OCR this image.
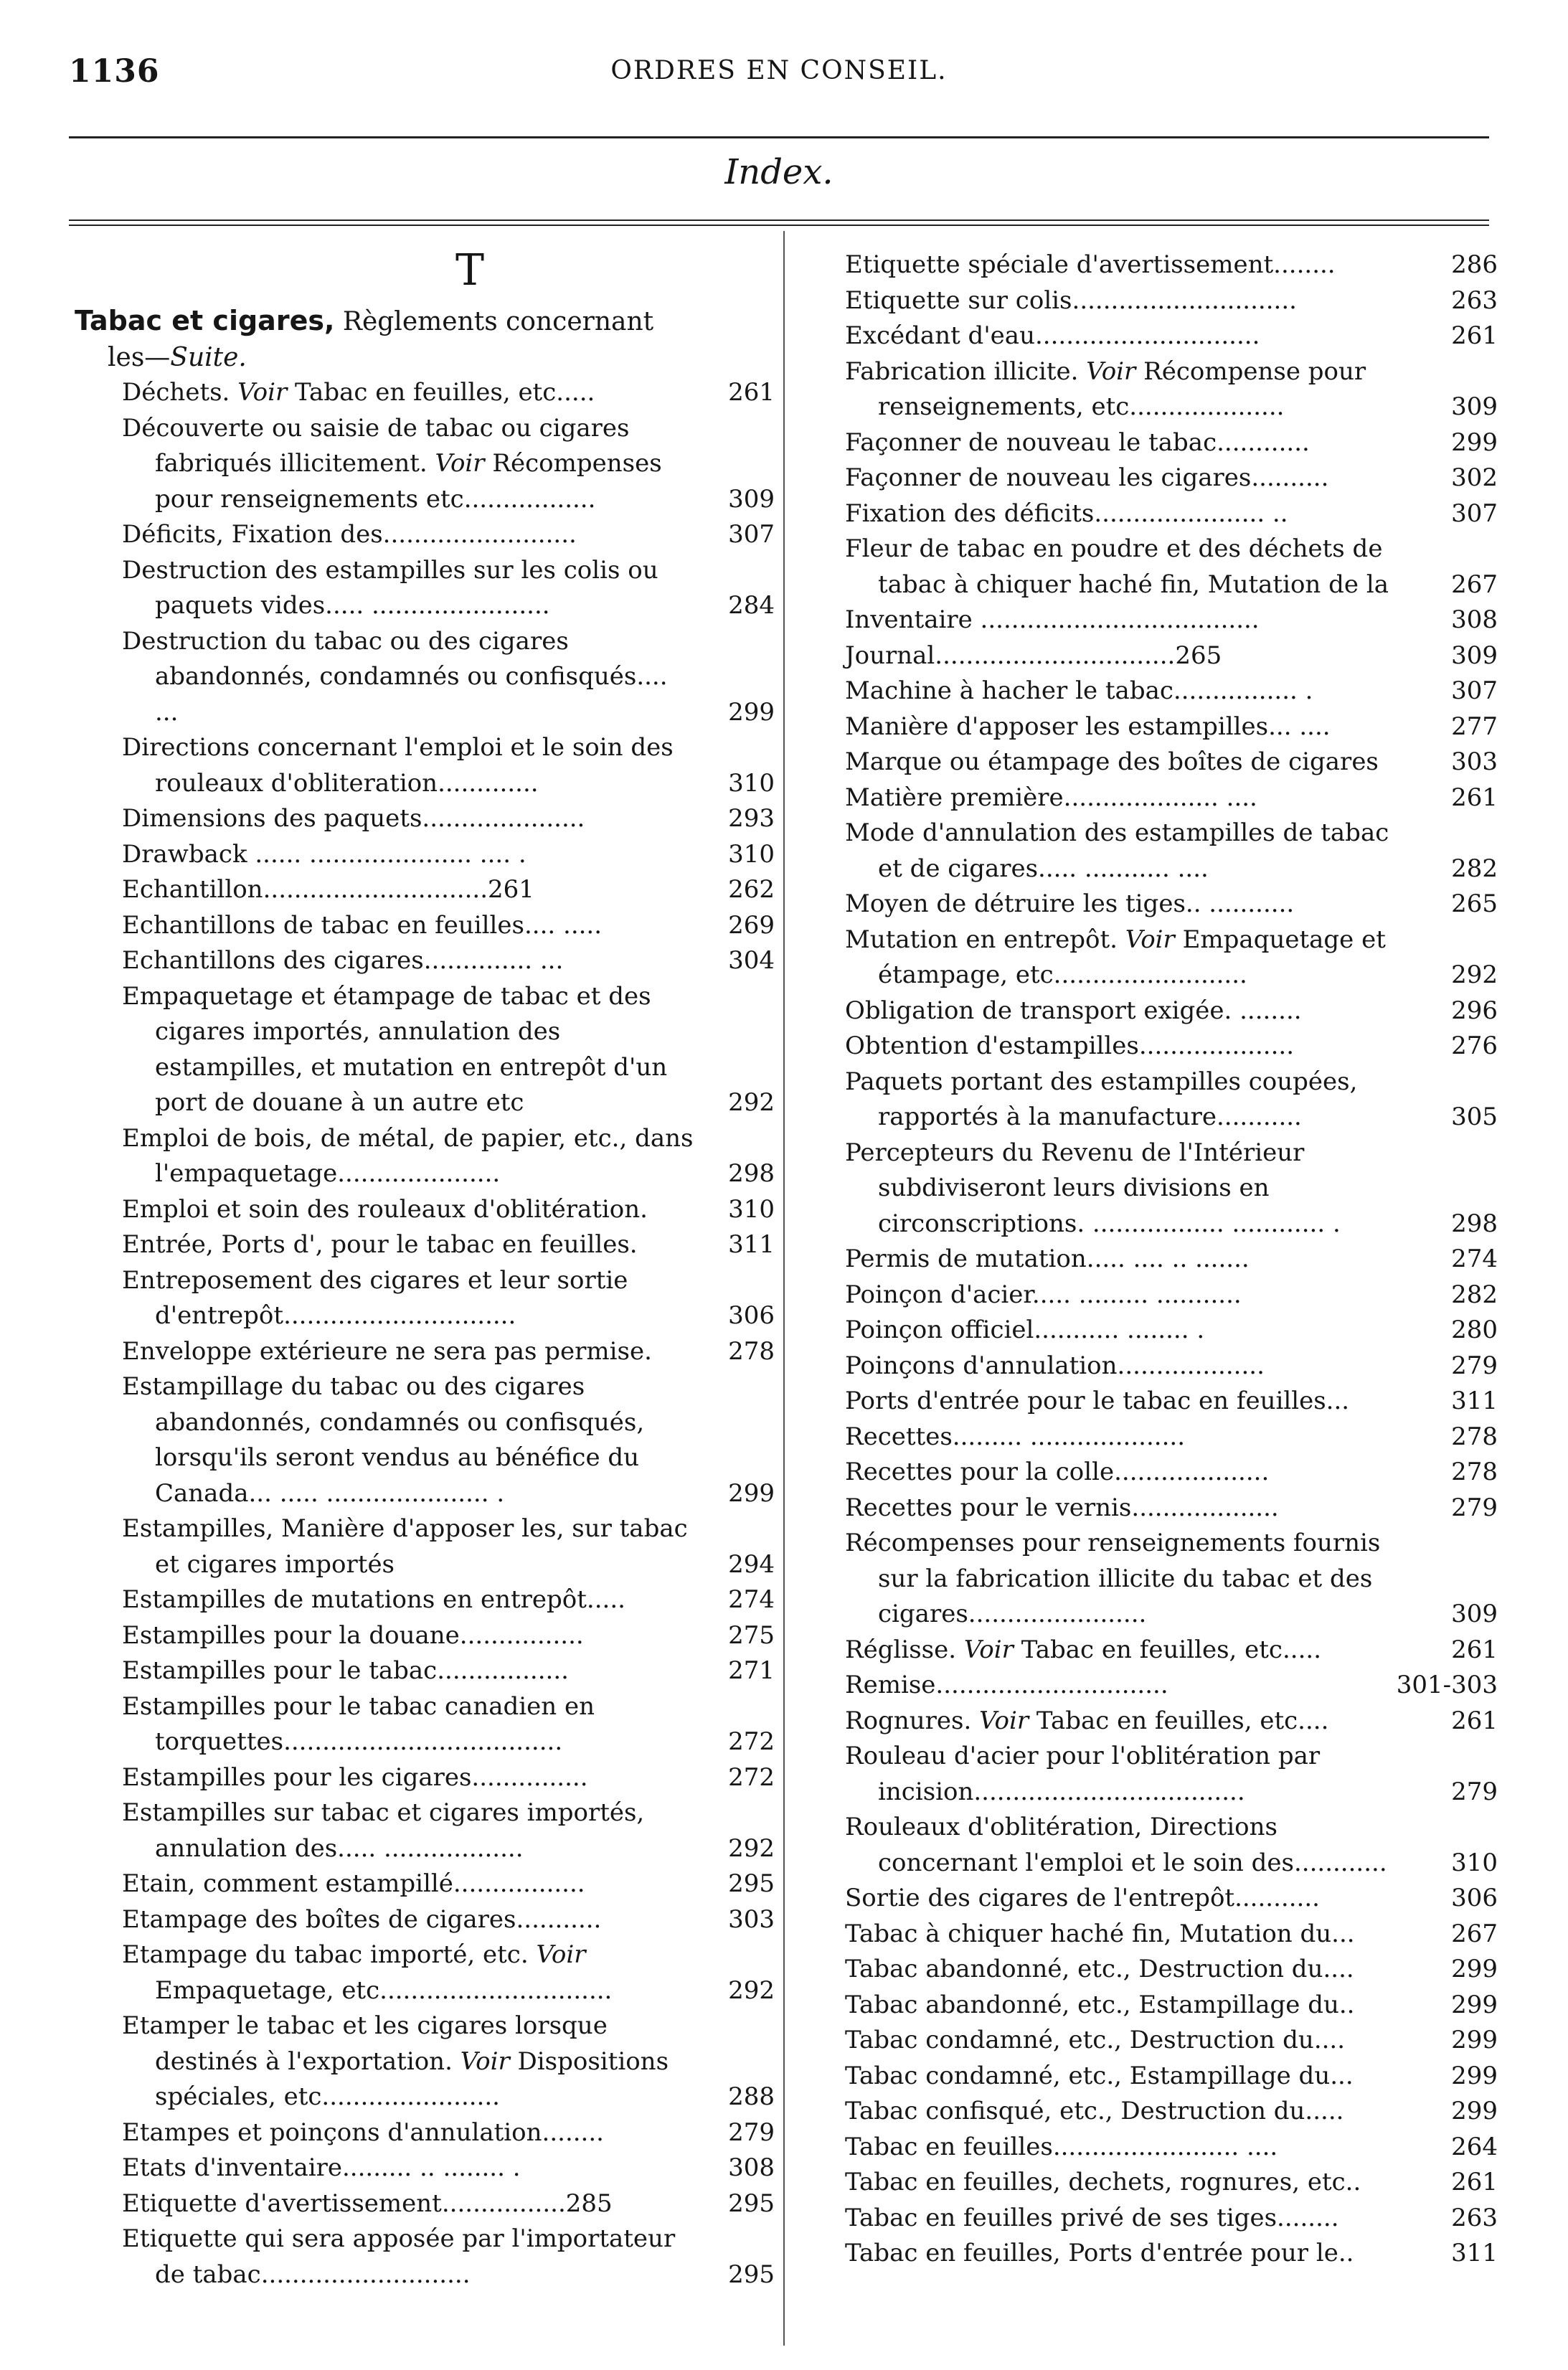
1136	ORDRES EN CONSEIL.
Index.
T
Tabac et cigares, Règlements concernant
les—Suite.
Déchets. Voir Tabac en feuilles, etc.....	261
Découverte ou saisie de tabac ou cigares fabriqués illicitement. Voir Récompenses pour renseignements etc.................	309
Déficits, Fixation des.........................	307
Destruction des estampilles sur les colis ou paquets vides..... .......................	284
Destruction du tabac ou des cigares abandonnés, condamnés ou confisqués.... ...	299
Directions concernant l'emploi et le soin des rouleaux d'obliteration.............	310
Dimensions des paquets.....................	293
Drawback ...... ..................... .... .	310
Echantillon.............................261	262
Echantillons de tabac en feuilles.... .....	269
Echantillons des cigares.............. ...	304
Empaquetage et étampage de tabac et des cigares importés, annulation des estampilles, et mutation en entrepôt d'un port de douane à un autre etc	292
Emploi de bois, de métal, de papier, etc., dans l'empaquetage.....................	298
Emploi et soin des rouleaux d'oblitération.	310
Entrée, Ports d', pour le tabac en feuilles.	311
Entreposement des cigares et leur sortie d'entrepôt..............................	306
Enveloppe extérieure ne sera pas permise.	278
Estampillage du tabac ou des cigares abandonnés, condamnés ou confisqués, lorsqu'ils seront vendus au bénéfice du Canada... ..... ..................... .	299
Estampilles, Manière d'apposer les, sur tabac et cigares importés	294
Estampilles de mutations en entrepôt.....	274
Estampilles pour la douane................	275
Estampilles pour le tabac.................	271
Estampilles pour le tabac canadien en torquettes....................................	272
Estampilles pour les cigares...............	272
Estampilles sur tabac et cigares importés, annulation des..... ..................	292
Etain, comment estampillé.................	295
Etampage des boîtes de cigares...........	303
Etampage du tabac importé, etc. Voir Empaquetage, etc..............................	292
Etamper le tabac et les cigares lorsque destinés à l'exportation. Voir Dispositions spéciales, etc.......................	288
Etampes et poinçons d'annulation........	279
Etats d'inventaire......... .. ........ .	308
Etiquette d'avertissement................285	295
Etiquette qui sera apposée par l'importateur de tabac...........................	295
Etiquette spéciale d'avertissement........	286
Etiquette sur colis.............................	263
Excédant d'eau.............................	261
Fabrication illicite. Voir Récompense pour renseignements, etc....................	309
Façonner de nouveau le tabac............	299
Façonner de nouveau les cigares..........	302
Fixation des déficits...................... ..	307
Fleur de tabac en poudre et des déchets de tabac à chiquer haché fin, Mutation de la	267
Inventaire ....................................	308
Journal...............................265	309
Machine à hacher le tabac................ .	307
Manière d'apposer les estampilles... ....	277
Marque ou étampage des boîtes de cigares	303
Matière première.................... ....	261
Mode d'annulation des estampilles de tabac et de cigares..... ........... ....	282
Moyen de détruire les tiges.. ...........	265
Mutation en entrepôt. Voir Empaquetage et étampage, etc.........................	292
Obligation de transport exigée. ........	296
Obtention d'estampilles....................	276
Paquets portant des estampilles coupées, rapportés à la manufacture...........	305
Percepteurs du Revenu de l'Intérieur subdiviseront leurs divisions en circonscriptions. ................. ............ .	298
Permis de mutation..... .... .. .......	274
Poinçon d'acier..... ......... ...........	282
Poinçon officiel........... ........ .	280
Poinçons d'annulation...................	279
Ports d'entrée pour le tabac en feuilles...	311
Recettes......... ....................	278
Recettes pour la colle....................	278
Recettes pour le vernis...................	279
Récompenses pour renseignements fournis sur la fabrication illicite du tabac et des cigares.......................	309
Réglisse. Voir Tabac en feuilles, etc.....	261
Remise..............................	301-303
Rognures. Voir Tabac en feuilles, etc....	261
Rouleau d'acier pour l'oblitération par incision...................................	279
Rouleaux d'oblitération, Directions concernant l'emploi et le soin des............	310
Sortie des cigares de l'entrepôt...........	306
Tabac à chiquer haché fin, Mutation du...	267
Tabac abandonné, etc., Destruction du....	299
Tabac abandonné, etc., Estampillage du..	299
Tabac condamné, etc., Destruction du....	299
Tabac condamné, etc., Estampillage du...	299
Tabac confisqué, etc., Destruction du.....	299
Tabac en feuilles........................ ....	264
Tabac en feuilles, dechets, rognures, etc..	261
Tabac en feuilles privé de ses tiges........	263
Tabac en feuilles, Ports d'entrée pour le..	311
